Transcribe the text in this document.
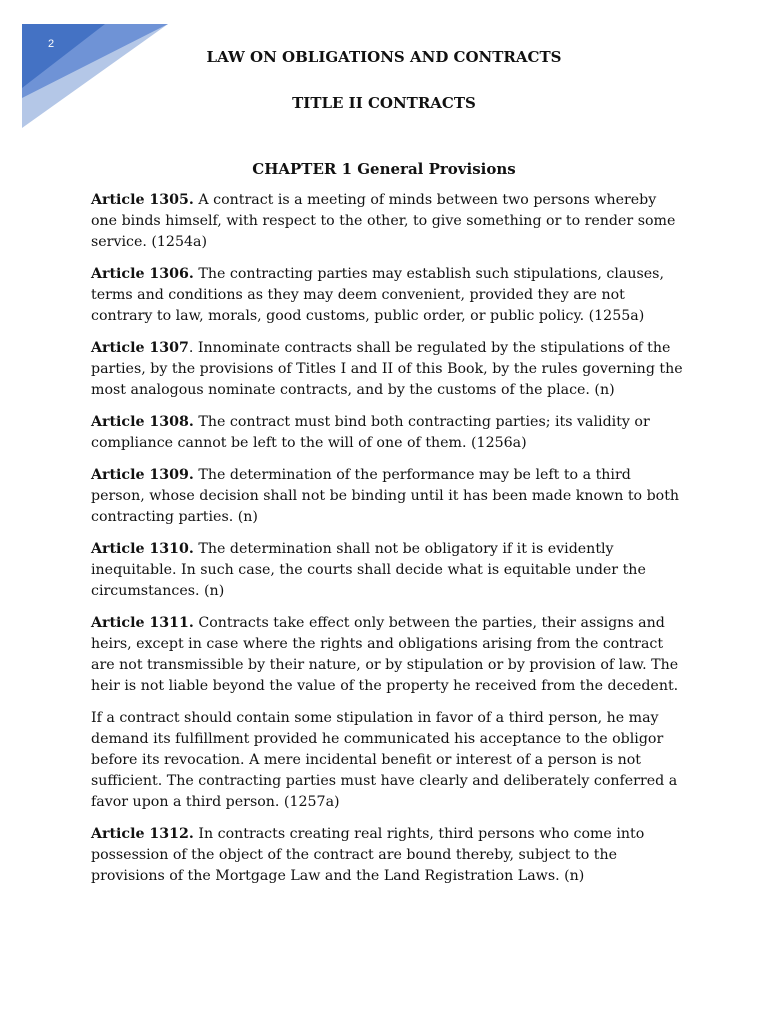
2
LAW ON OBLIGATIONS AND CONTRACTS
TITLE II CONTRACTS
CHAPTER 1 General Provisions

Article 1305. A contract is a meeting of minds between two persons whereby one binds himself, with respect to the other, to give something or to render some service. (1254a)

Article 1306. The contracting parties may establish such stipulations, clauses, terms and conditions as they may deem convenient, provided they are not contrary to law, morals, good customs, public order, or public policy. (1255a)

Article 1307. Innominate contracts shall be regulated by the stipulations of the parties, by the provisions of Titles I and II of this Book, by the rules governing the most analogous nominate contracts, and by the customs of the place. (n)

Article 1308. The contract must bind both contracting parties; its validity or compliance cannot be left to the will of one of them. (1256a)

Article 1309. The determination of the performance may be left to a third person, whose decision shall not be binding until it has been made known to both contracting parties. (n)

Article 1310. The determination shall not be obligatory if it is evidently inequitable. In such case, the courts shall decide what is equitable under the circumstances. (n)

Article 1311. Contracts take effect only between the parties, their assigns and heirs, except in case where the rights and obligations arising from the contract are not transmissible by their nature, or by stipulation or by provision of law. The heir is not liable beyond the value of the property he received from the decedent.

If a contract should contain some stipulation in favor of a third person, he may demand its fulfillment provided he communicated his acceptance to the obligor before its revocation. A mere incidental benefit or interest of a person is not sufficient. The contracting parties must have clearly and deliberately conferred a favor upon a third person. (1257a)

Article 1312. In contracts creating real rights, third persons who come into possession of the object of the contract are bound thereby, subject to the provisions of the Mortgage Law and the Land Registration Laws. (n)
